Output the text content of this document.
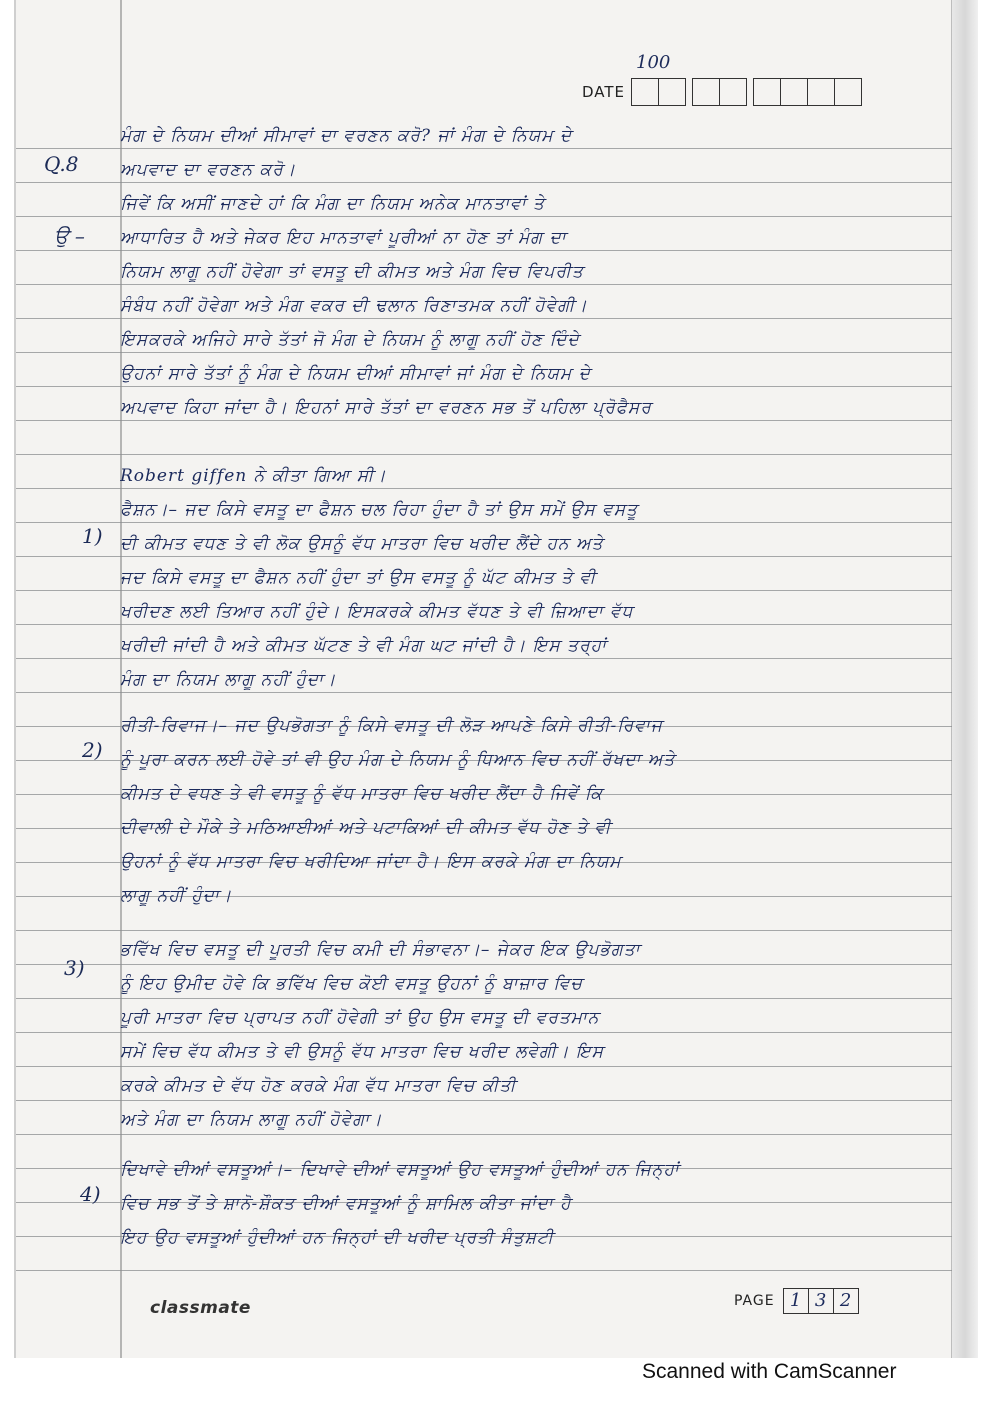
100
DATE
Q.8
ਉ –
1)
2)
3)
4)
ਮੰਗ ਦੇ ਨਿਯਮ ਦੀਆਂ ਸੀਮਾਵਾਂ ਦਾ ਵਰਣਨ ਕਰੋ? ਜਾਂ ਮੰਗ ਦੇ ਨਿਯਮ ਦੇ
ਅਪਵਾਦ ਦਾ ਵਰਣਨ ਕਰੋ।
ਜਿਵੇਂ ਕਿ ਅਸੀਂ ਜਾਣਦੇ ਹਾਂ ਕਿ ਮੰਗ ਦਾ ਨਿਯਮ ਅਨੇਕ ਮਾਨਤਾਵਾਂ ਤੇ
ਆਧਾਰਿਤ ਹੈ ਅਤੇ ਜੇਕਰ ਇਹ ਮਾਨਤਾਵਾਂ ਪੂਰੀਆਂ ਨਾ ਹੋਣ ਤਾਂ ਮੰਗ ਦਾ
ਨਿਯਮ ਲਾਗੂ ਨਹੀਂ ਹੋਵੇਗਾ ਤਾਂ ਵਸਤੂ ਦੀ ਕੀਮਤ ਅਤੇ ਮੰਗ ਵਿਚ ਵਿਪਰੀਤ
ਸੰਬੰਧ ਨਹੀਂ ਹੋਵੇਗਾ ਅਤੇ ਮੰਗ ਵਕਰ ਦੀ ਢਲਾਨ ਰਿਣਾਤਮਕ ਨਹੀਂ ਹੋਵੇਗੀ।
ਇਸਕਰਕੇ ਅਜਿਹੇ ਸਾਰੇ ਤੱਤਾਂ ਜੋ ਮੰਗ ਦੇ ਨਿਯਮ ਨੂੰ ਲਾਗੂ ਨਹੀਂ ਹੋਣ ਦਿੰਦੇ
ਉਹਨਾਂ ਸਾਰੇ ਤੱਤਾਂ ਨੂੰ ਮੰਗ ਦੇ ਨਿਯਮ ਦੀਆਂ ਸੀਮਾਵਾਂ ਜਾਂ ਮੰਗ ਦੇ ਨਿਯਮ ਦੇ
ਅਪਵਾਦ ਕਿਹਾ ਜਾਂਦਾ ਹੈ। ਇਹਨਾਂ ਸਾਰੇ ਤੱਤਾਂ ਦਾ ਵਰਣਨ ਸਭ ਤੋਂ ਪਹਿਲਾ ਪ੍ਰੋਫੈਸਰ
Robert giffen ਨੇ ਕੀਤਾ ਗਿਆ ਸੀ।
ਫੈਸ਼ਨ।– ਜਦ ਕਿਸੇ ਵਸਤੂ ਦਾ ਫੈਸ਼ਨ ਚਲ ਰਿਹਾ ਹੁੰਦਾ ਹੈ ਤਾਂ ਉਸ ਸਮੇਂ ਉਸ ਵਸਤੂ
ਦੀ ਕੀਮਤ ਵਧਣ ਤੇ ਵੀ ਲੋਕ ਉਸਨੂੰ ਵੱਧ ਮਾਤਰਾ ਵਿਚ ਖਰੀਦ ਲੈਂਦੇ ਹਨ ਅਤੇ
ਜਦ ਕਿਸੇ ਵਸਤੂ ਦਾ ਫੈਸ਼ਨ ਨਹੀਂ ਹੁੰਦਾ ਤਾਂ ਉਸ ਵਸਤੂ ਨੂੰ ਘੱਟ ਕੀਮਤ ਤੇ ਵੀ
ਖਰੀਦਣ ਲਈ ਤਿਆਰ ਨਹੀਂ ਹੁੰਦੇ। ਇਸਕਰਕੇ ਕੀਮਤ ਵੱਧਣ ਤੇ ਵੀ ਜ਼ਿਆਦਾ ਵੱਧ
ਖਰੀਦੀ ਜਾਂਦੀ ਹੈ ਅਤੇ ਕੀਮਤ ਘੱਟਣ ਤੇ ਵੀ ਮੰਗ ਘਟ ਜਾਂਦੀ ਹੈ। ਇਸ ਤਰ੍ਹਾਂ
ਮੰਗ ਦਾ ਨਿਯਮ ਲਾਗੂ ਨਹੀਂ ਹੁੰਦਾ।
ਰੀਤੀ-ਰਿਵਾਜ।– ਜਦ ਉਪਭੋਗਤਾ ਨੂੰ ਕਿਸੇ ਵਸਤੂ ਦੀ ਲੋੜ ਆਪਣੇ ਕਿਸੇ ਰੀਤੀ-ਰਿਵਾਜ
ਨੂੰ ਪੂਰਾ ਕਰਨ ਲਈ ਹੋਵੇ ਤਾਂ ਵੀ ਉਹ ਮੰਗ ਦੇ ਨਿਯਮ ਨੂੰ ਧਿਆਨ ਵਿਚ ਨਹੀਂ ਰੱਖਦਾ ਅਤੇ
ਕੀਮਤ ਦੇ ਵਧਣ ਤੇ ਵੀ ਵਸਤੂ ਨੂੰ ਵੱਧ ਮਾਤਰਾ ਵਿਚ ਖਰੀਦ ਲੈਂਦਾ ਹੈ ਜਿਵੇਂ ਕਿ
ਦੀਵਾਲੀ ਦੇ ਮੌਕੇ ਤੇ ਮਠਿਆਈਆਂ ਅਤੇ ਪਟਾਕਿਆਂ ਦੀ ਕੀਮਤ ਵੱਧ ਹੋਣ ਤੇ ਵੀ
ਉਹਨਾਂ ਨੂੰ ਵੱਧ ਮਾਤਰਾ ਵਿਚ ਖਰੀਦਿਆ ਜਾਂਦਾ ਹੈ। ਇਸ ਕਰਕੇ ਮੰਗ ਦਾ ਨਿਯਮ
ਲਾਗੂ ਨਹੀਂ ਹੁੰਦਾ।
ਭਵਿੱਖ ਵਿਚ ਵਸਤੂ ਦੀ ਪੂਰਤੀ ਵਿਚ ਕਮੀ ਦੀ ਸੰਭਾਵਨਾ।– ਜੇਕਰ ਇਕ ਉਪਭੋਗਤਾ
ਨੂੰ ਇਹ ਉਮੀਦ ਹੋਵੇ ਕਿ ਭਵਿੱਖ ਵਿਚ ਕੋਈ ਵਸਤੂ ਉਹਨਾਂ ਨੂੰ ਬਾਜ਼ਾਰ ਵਿਚ
ਪੂਰੀ ਮਾਤਰਾ ਵਿਚ ਪ੍ਰਾਪਤ ਨਹੀਂ ਹੋਵੇਗੀ ਤਾਂ ਉਹ ਉਸ ਵਸਤੂ ਦੀ ਵਰਤਮਾਨ
ਸਮੇਂ ਵਿਚ ਵੱਧ ਕੀਮਤ ਤੇ ਵੀ ਉਸਨੂੰ ਵੱਧ ਮਾਤਰਾ ਵਿਚ ਖਰੀਦ ਲਵੇਗੀ। ਇਸ
ਕਰਕੇ ਕੀਮਤ ਦੇ ਵੱਧ ਹੋਣ ਕਰਕੇ ਮੰਗ ਵੱਧ ਮਾਤਰਾ ਵਿਚ ਕੀਤੀ
ਅਤੇ ਮੰਗ ਦਾ ਨਿਯਮ ਲਾਗੂ ਨਹੀਂ ਹੋਵੇਗਾ।
ਦਿਖਾਵੇ ਦੀਆਂ ਵਸਤੂਆਂ।– ਦਿਖਾਵੇ ਦੀਆਂ ਵਸਤੂਆਂ ਉਹ ਵਸਤੂਆਂ ਹੁੰਦੀਆਂ ਹਨ ਜਿਨ੍ਹਾਂ
ਵਿਚ ਸਭ ਤੋਂ ਤੇ ਸ਼ਾਨੋ-ਸ਼ੌਕਤ ਦੀਆਂ ਵਸਤੂਆਂ ਨੂੰ ਸ਼ਾਮਿਲ ਕੀਤਾ ਜਾਂਦਾ ਹੈ
ਇਹ ਉਹ ਵਸਤੂਆਂ ਹੁੰਦੀਆਂ ਹਨ ਜਿਨ੍ਹਾਂ ਦੀ ਖਰੀਦ ਪ੍ਰਤੀ ਸੰਤੁਸ਼ਟੀ
classmate	PAGE 1 3 2
Scanned with CamScanner
